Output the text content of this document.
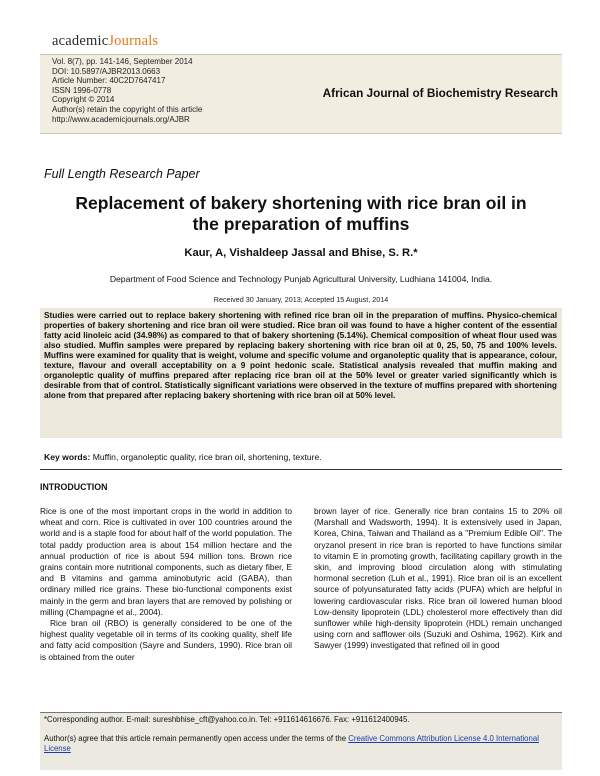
academicJournals
Vol. 8(7), pp. 141-146, September 2014
DOI: 10.5897/AJBR2013.0663
Article Number: 40C2D7647417
ISSN 1996-0778
Copyright © 2014
Author(s) retain the copyright of this article
http://www.academicjournals.org/AJBR
African Journal of Biochemistry Research
Full Length Research Paper
Replacement of bakery shortening with rice bran oil in
the preparation of muffins
Kaur, A, Vishaldeep Jassal and Bhise, S. R.*
Department of Food Science and Technology Punjab Agricultural University, Ludhiana 141004, India.
Received 30 January, 2013; Accepted 15 August, 2014

Studies were carried out to replace bakery shortening with refined rice bran oil in the preparation of muffins. Physico-chemical properties of bakery shortening and rice bran oil were studied. Rice bran oil was found to have a higher content of the essential fatty acid linoleic acid (34.98%) as compared to that of bakery shortening (5.14%). Chemical composition of wheat flour used was also studied. Muffin samples were prepared by replacing bakery shortening with rice bran oil at 0, 25, 50, 75 and 100% levels. Muffins were examined for quality that is weight, volume and specific volume and organoleptic quality that is appearance, colour, texture, flavour and overall acceptability on a 9 point hedonic scale. Statistical analysis revealed that muffin making and organoleptic quality of muffins prepared after replacing rice bran oil at the 50% level or greater varied significantly which is desirable from that of control. Statistically significant variations were observed in the texture of muffins prepared with shortening alone from that prepared after replacing bakery shortening with rice bran oil at 50% level.

Key words: Muffin, organoleptic quality, rice bran oil, shortening, texture.
INTRODUCTION

Rice is one of the most important crops in the world in addition to wheat and corn. Rice is cultivated in over 100 countries around the world and is a staple food for about half of the world population. The total paddy production area is about 154 million hectare and the annual production of rice is about 594 million tons. Brown rice grains contain more nutritional components, such as dietary fiber, E and B vitamins and gamma aminobutyric acid (GABA), than ordinary milled rice grains. These bio-functional components exist mainly in the germ and bran layers that are removed by polishing or milling (Champagne et al., 2004).

Rice bran oil (RBO) is generally considered to be one of the highest quality vegetable oil in terms of its cooking quality, shelf life and fatty acid composition (Sayre and Sunders, 1990). Rice bran oil is obtained from the outer

brown layer of rice. Generally rice bran contains 15 to 20% oil (Marshall and Wadsworth, 1994). It is extensively used in Japan, Korea, China, Taiwan and Thailand as a "Premium Edible Oil". The oryzanol present in rice bran is reported to have functions similar to vitamin E in promoting growth, facilitating capillary growth in the skin, and improving blood circulation along with stimulating hormonal secretion (Luh et al., 1991). Rice bran oil is an excellent source of polyunsaturated fatty acids (PUFA) which are helpful in lowering cardiovascular risks. Rice bran oil lowered human blood Low-density lipoprotein (LDL) cholesterol more effectively than did sunflower while high-density lipoprotein (HDL) remain unchanged using corn and safflower oils (Suzuki and Oshima, 1962). Kirk and Sawyer (1999) investigated that refined oil in good

*Corresponding author. E-mail: sureshbhise_cft@yahoo.co.in. Tel: +911614616676. Fax: +911612400945.
Author(s) agree that this article remain permanently open access under the terms of the Creative Commons Attribution License 4.0 International License
